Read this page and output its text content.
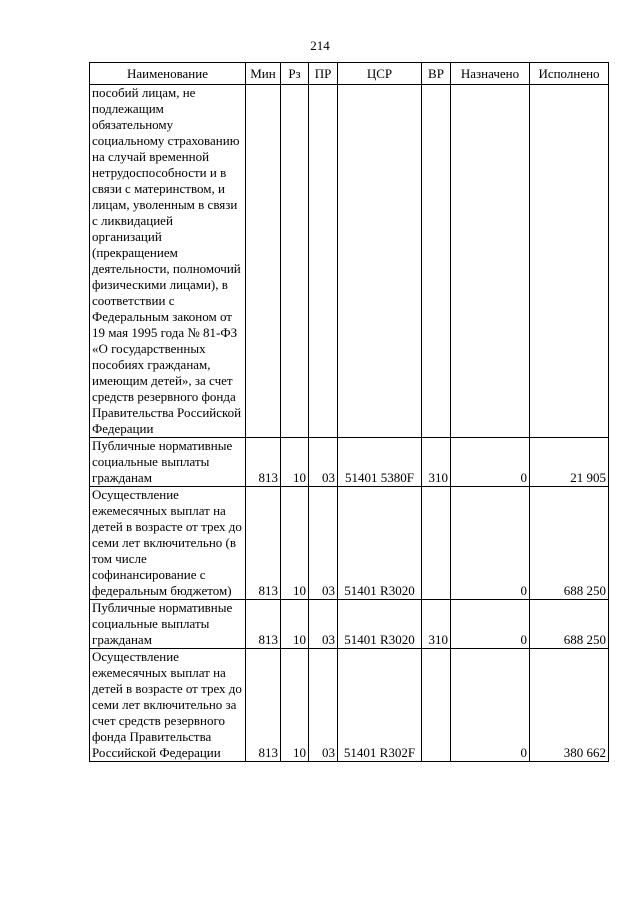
214
Наименование	Мин	Рз	ПР	ЦСР	ВР	Назначено	Исполнено
пособий лицам, не подлежащим обязательному социальному страхованию на случай временной нетрудоспособности и в связи с материнством, и лицам, уволенным в связи с ликвидацией организаций (прекращением деятельности, полномочий физическими лицами), в соответствии с Федеральным законом от 19 мая 1995 года № 81-ФЗ «О государственных пособиях гражданам, имеющим детей», за счет средств резервного фонда Правительства Российской Федерации							
Публичные нормативные социальные выплаты гражданам	813	10	03	51401 5380F	310	0	21 905
Осуществление ежемесячных выплат на детей в возрасте от трех до семи лет включительно (в том числе софинансирование с федеральным бюджетом)	813	10	03	51401 R3020		0	688 250
Публичные нормативные социальные выплаты гражданам	813	10	03	51401 R3020	310	0	688 250
Осуществление ежемесячных выплат на детей в возрасте от трех до семи лет включительно за счет средств резервного фонда Правительства Российской Федерации	813	10	03	51401 R302F		0	380 662
